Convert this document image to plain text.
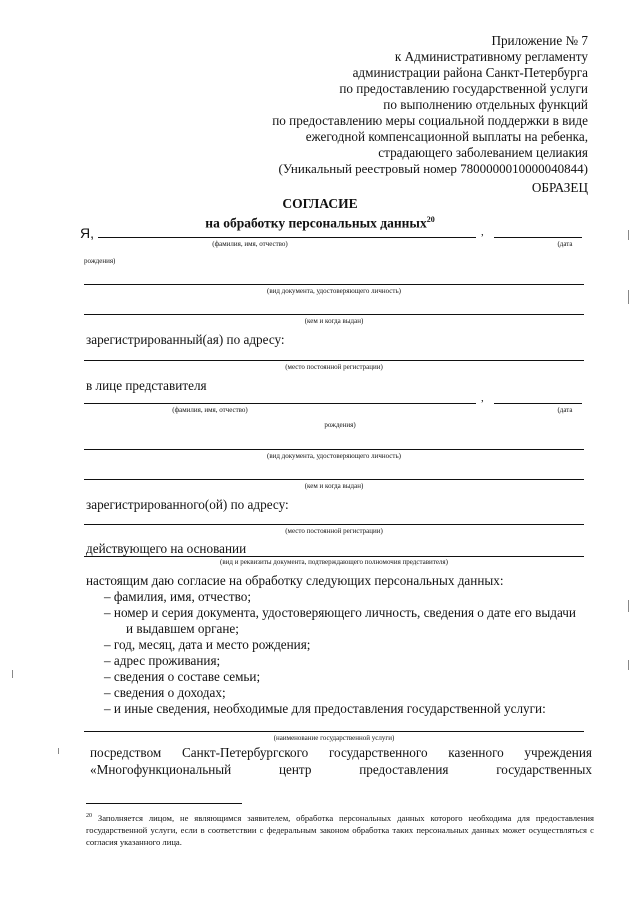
Приложение № 7
к Административному регламенту
администрации района Санкт-Петербурга
по предоставлению государственной услуги
по выполнению отдельных функций
по предоставлению меры социальной поддержки в виде
ежегодной компенсационной выплаты на ребенка,
страдающего заболеванием целиакия
(Уникальный реестровый номер 7800000010000040844)
ОБРАЗЕЦ
СОГЛАСИЕ
на обработку персональных данных$^{20}$
Я,	,
(фамилия, имя, отчество)	(дата
рождения)
(вид документа, удостоверяющего личность)
(кем и когда выдан)
зарегистрированный(ая) по адресу:
(место постоянной регистрации)
в лице представителя
,
(фамилия, имя, отчество)	(дата
рождения)
(вид документа, удостоверяющего личность)
(кем и когда выдан)
зарегистрированного(ой) по адресу:
(место постоянной регистрации)
действующего на основании
(вид и реквизиты документа, подтверждающего полномочия представителя)
настоящим даю согласие на обработку следующих персональных данных:
– фамилия, имя, отчество;
– номер и серия документа, удостоверяющего личность, сведения о дате его выдачи
и выдавшем органе;
– год, месяц, дата и место рождения;
– адрес проживания;
– сведения о составе семьи;
– сведения о доходах;
– и иные сведения, необходимые для предоставления государственной услуги:
(наименование государственной услуги)
посредством Санкт-Петербургского государственного казенного учреждения
«Многофункциональный	центр	предоставления	государственных
$^{20}$ Заполняется лицом, не являющимся заявителем, обработка персональных данных которого необходима для предоставления государственной услуги, если в соответствии с федеральным законом обработка таких персональных данных может осуществляться с согласия указанного лица.
